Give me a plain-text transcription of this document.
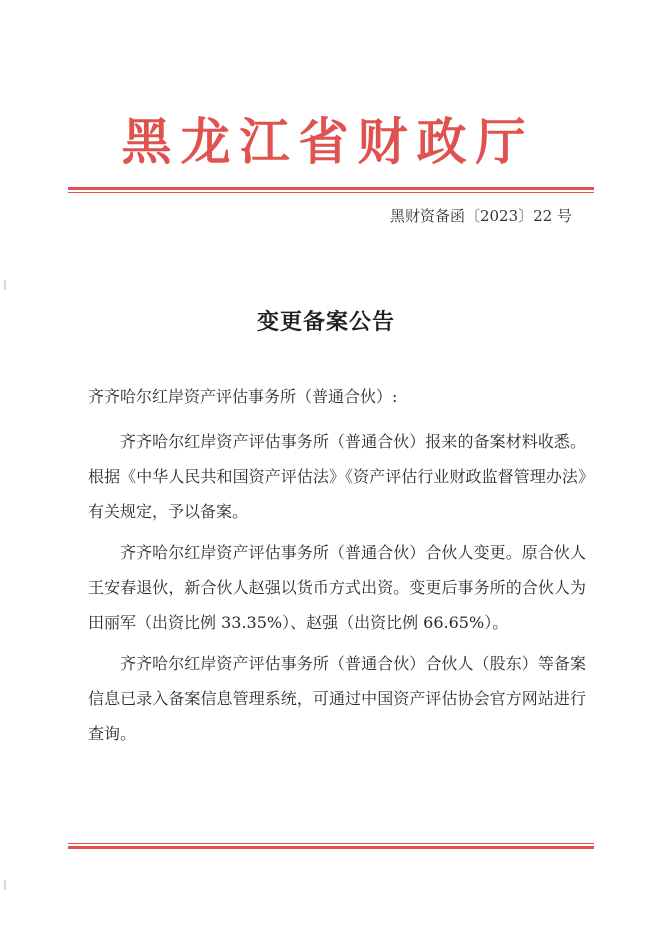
黑龙江省财政厅
黑财资备函〔2023〕22 号
变更备案公告
齐齐哈尔红岸资产评估事务所（普通合伙）:

齐齐哈尔红岸资产评估事务所（普通合伙）报来的备案材料收悉。根据《中华人民共和国资产评估法》《资产评估行业财政监督管理办法》有关规定，予以备案。

齐齐哈尔红岸资产评估事务所（普通合伙）合伙人变更。原合伙人王安春退伙，新合伙人赵强以货币方式出资。变更后事务所的合伙人为田丽军（出资比例 33.35%）、赵强（出资比例 66.65%）。

齐齐哈尔红岸资产评估事务所（普通合伙）合伙人（股东）等备案信息已录入备案信息管理系统，可通过中国资产评估协会官方网站进行查询。
